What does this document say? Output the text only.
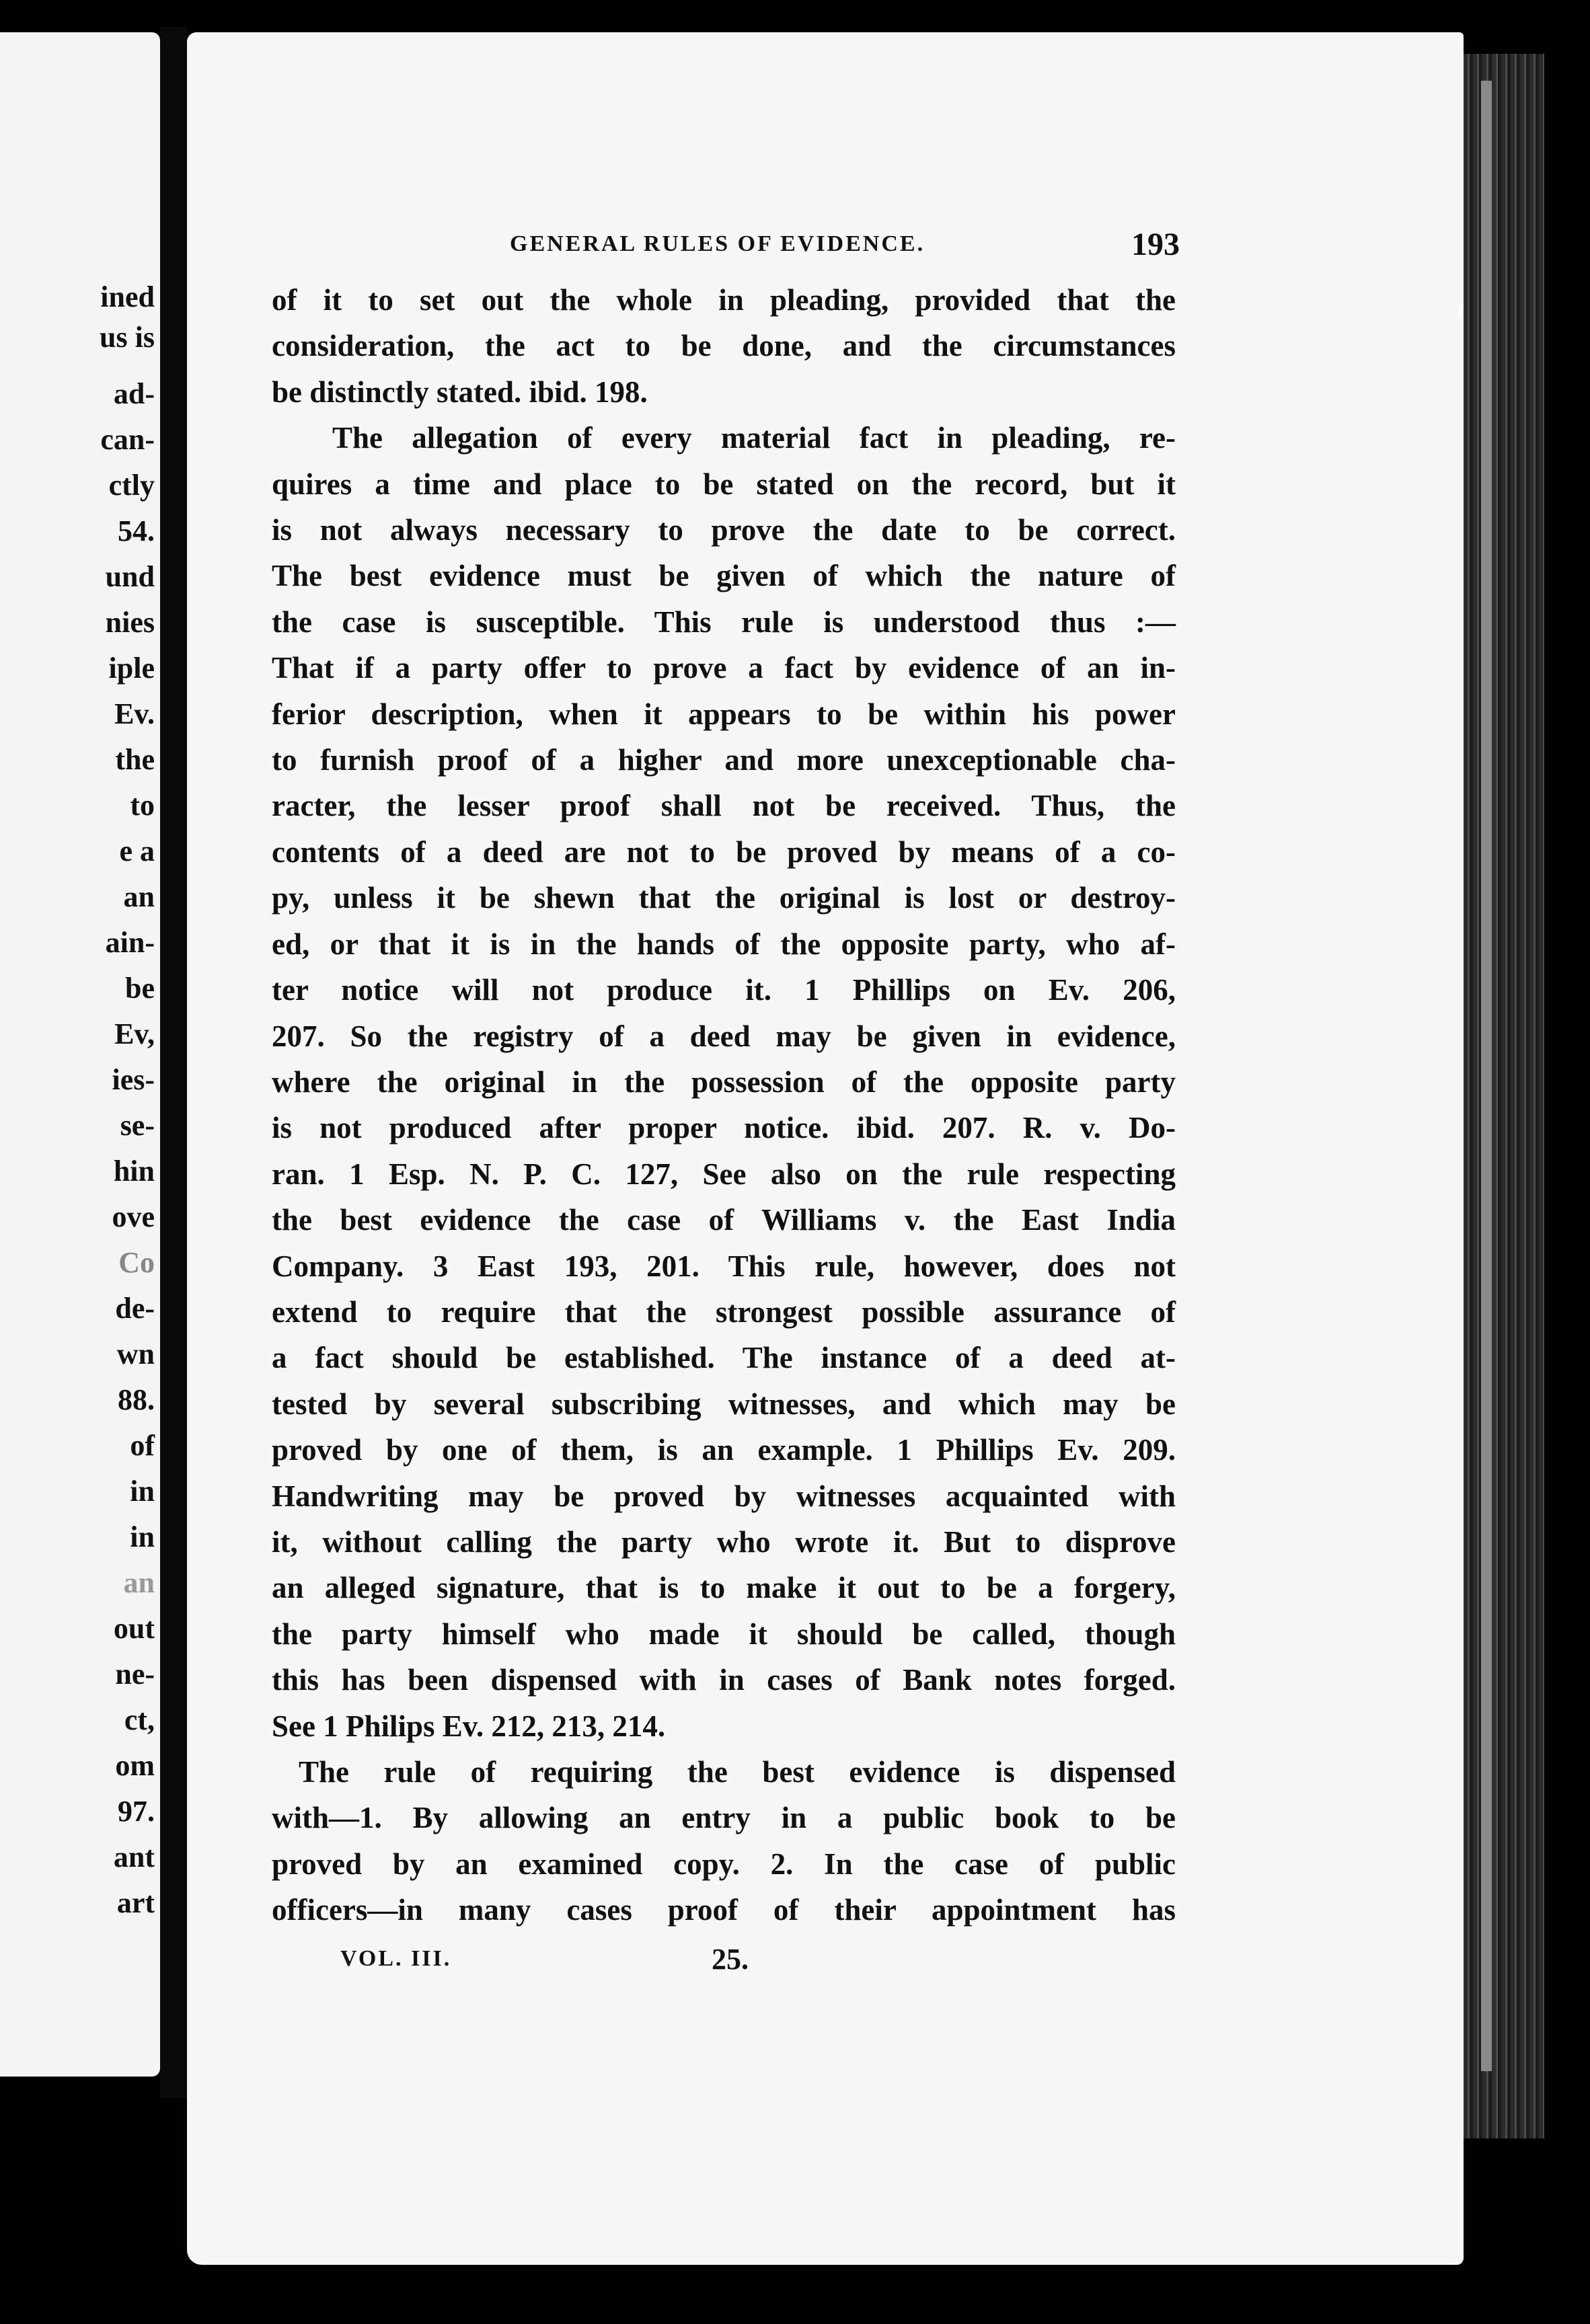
ined
us is
ad-
can-
ctly
54.
und
nies
iple
Ev.
the
to
e a
an
ain-
be
Ev,
ies-
se-
hin
ove
Co
de-
wn
88.
of
in
in
an
out
ne-
ct,
om
97.
ant
art
GENERAL RULES OF EVIDENCE.	193
of it to set out the whole in pleading, provided that the
consideration, the act to be done, and the circumstances
be distinctly stated. ibid. 198.
The allegation of every material fact in pleading, re-
quires a time and place to be stated on the record, but it
is not always necessary to prove the date to be correct.
The best evidence must be given of which the nature of
the case is susceptible. This rule is understood thus :—
That if a party offer to prove a fact by evidence of an in-
ferior description, when it appears to be within his power
to furnish proof of a higher and more unexceptionable cha-
racter, the lesser proof shall not be received. Thus, the
contents of a deed are not to be proved by means of a co-
py, unless it be shewn that the original is lost or destroy-
ed, or that it is in the hands of the opposite party, who af-
ter notice will not produce it. 1 Phillips on Ev. 206,
207. So the registry of a deed may be given in evidence,
where the original in the possession of the opposite party
is not produced after proper notice. ibid. 207. R. v. Do-
ran. 1 Esp. N. P. C. 127, See also on the rule respecting
the best evidence the case of Williams v. the East India
Company. 3 East 193, 201. This rule, however, does not
extend to require that the strongest possible assurance of
a fact should be established. The instance of a deed at-
tested by several subscribing witnesses, and which may be
proved by one of them, is an example. 1 Phillips Ev. 209.
Handwriting may be proved by witnesses acquainted with
it, without calling the party who wrote it. But to disprove
an alleged signature, that is to make it out to be a forgery,
the party himself who made it should be called, though
this has been dispensed with in cases of Bank notes forged.
See 1 Philips Ev. 212, 213, 214.
The rule of requiring the best evidence is dispensed
with—1. By allowing an entry in a public book to be
proved by an examined copy. 2. In the case of public
officers—in many cases proof of their appointment has
VOL. III.	25.
